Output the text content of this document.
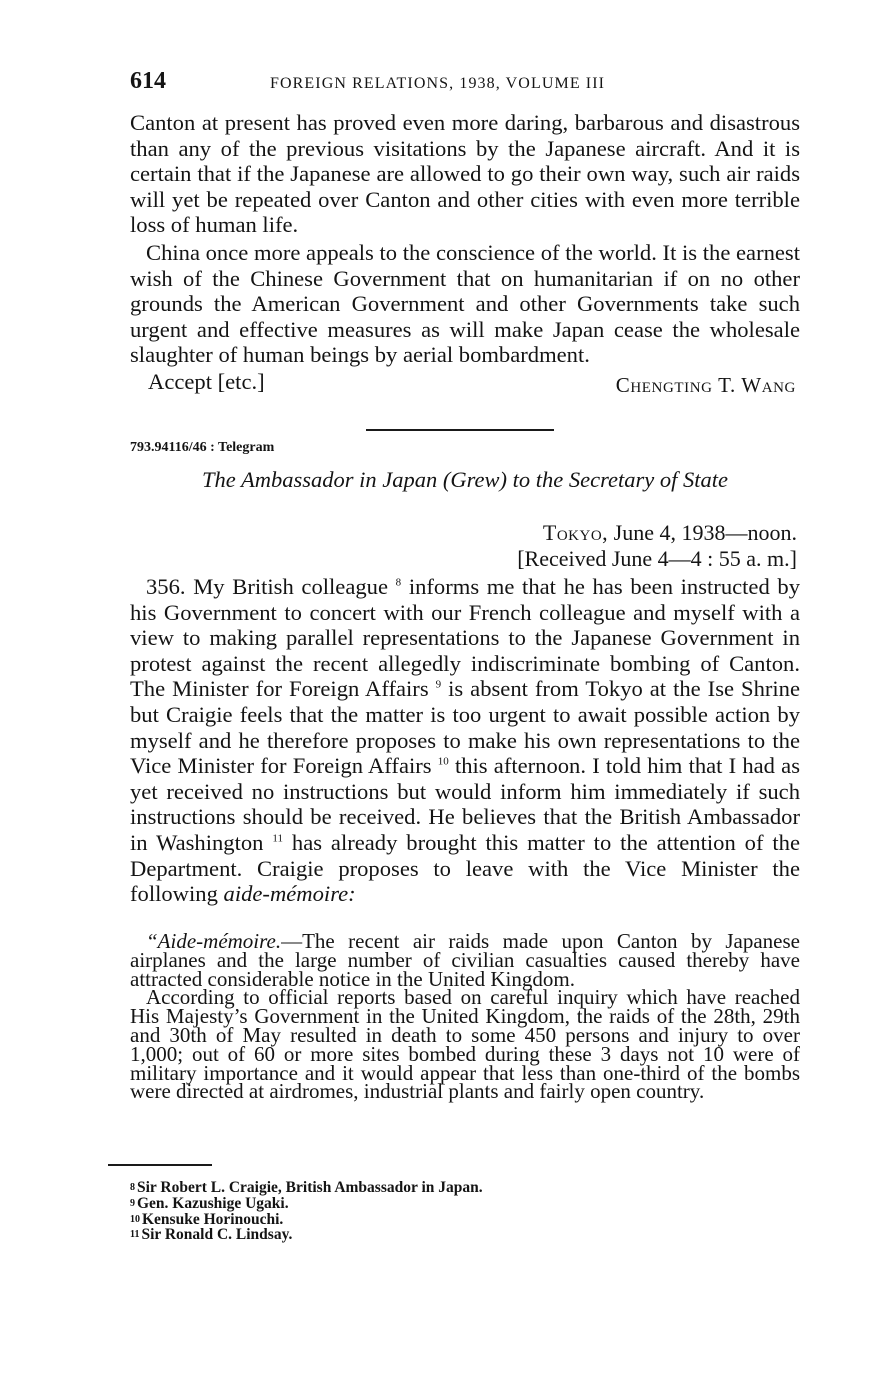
614	FOREIGN RELATIONS, 1938, VOLUME III

Canton at present has proved even more daring, barbarous and disastrous than any of the previous visitations by the Japanese aircraft. And it is certain that if the Japanese are allowed to go their own way, such air raids will yet be repeated over Canton and other cities with even more terrible loss of human life.

China once more appeals to the conscience of the world. It is the earnest wish of the Chinese Government that on humanitarian if on no other grounds the American Government and other Governments take such urgent and effective measures as will make Japan cease the wholesale slaughter of human beings by aerial bombardment.

Accept [etc.]	Chengting T. Wang
793.94116/46 : Telegram
The Ambassador in Japan (Grew) to the Secretary of State
Tokyo, June 4, 1938—noon.
[Received June 4—4 : 55 a. m.]

356. My British colleague $^8$ informs me that he has been instructed by his Government to concert with our French colleague and myself with a view to making parallel representations to the Japanese Government in protest against the recent allegedly indiscriminate bombing of Canton. The Minister for Foreign Affairs $^9$ is absent from Tokyo at the Ise Shrine but Craigie feels that the matter is too urgent to await possible action by myself and he therefore proposes to make his own representations to the Vice Minister for Foreign Affairs $^{10}$ this afternoon. I told him that I had as yet received no instructions but would inform him immediately if such instructions should be received. He believes that the British Ambassador in Washington $^{11}$ has already brought this matter to the attention of the Department. Craigie proposes to leave with the Vice Minister the following aide-mémoire:

“Aide-mémoire.—The recent air raids made upon Canton by Japanese airplanes and the large number of civilian casualties caused thereby have attracted considerable notice in the United Kingdom.

According to official reports based on careful inquiry which have reached His Majesty’s Government in the United Kingdom, the raids of the 28th, 29th and 30th of May resulted in death to some 450 persons and injury to over 1,000; out of 60 or more sites bombed during these 3 days not 10 were of military importance and it would appear that less than one-third of the bombs were directed at airdromes, industrial plants and fairly open country.

$^8$ Sir Robert L. Craigie, British Ambassador in Japan.
$^9$ Gen. Kazushige Ugaki.
$^{10}$ Kensuke Horinouchi.
$^{11}$ Sir Ronald C. Lindsay.
